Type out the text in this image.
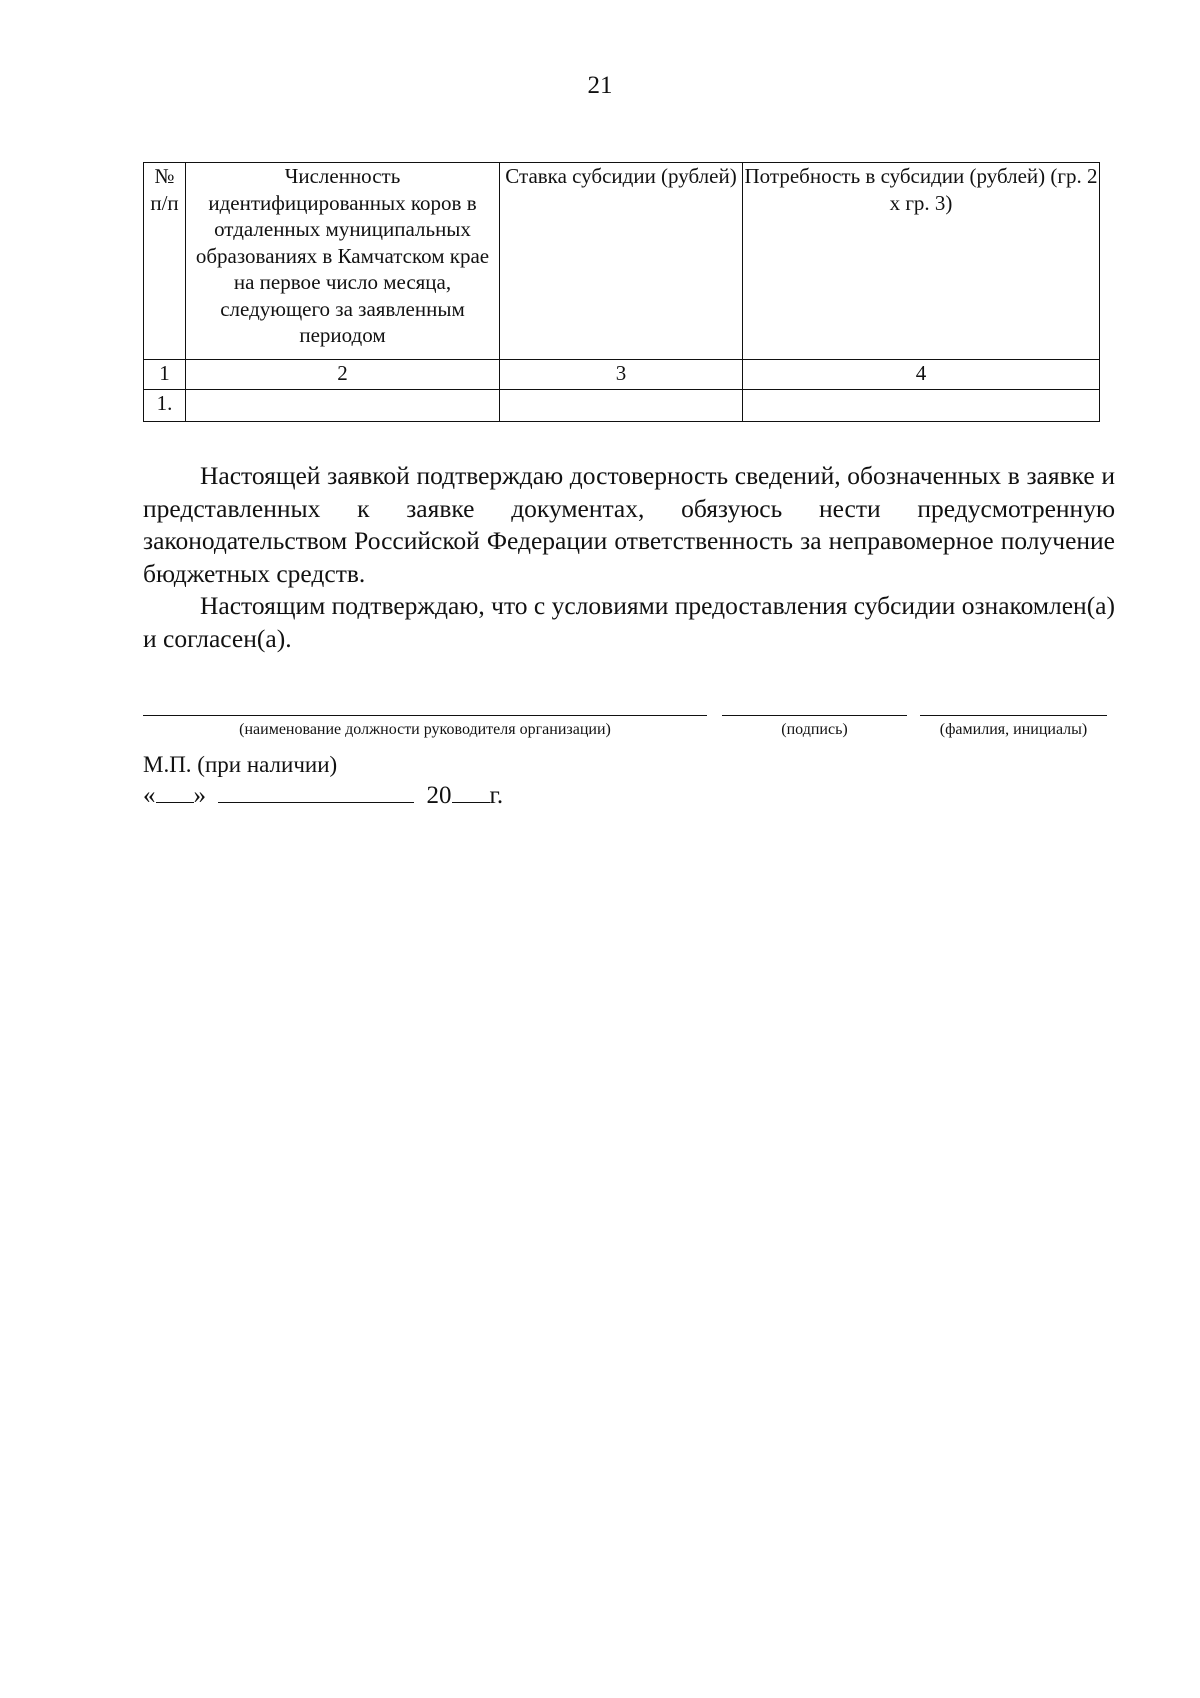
21
№ п/п	Численность идентифицированных коров в отдаленных муниципальных образованиях в Камчатском крае на первое число месяца, следующего за заявленным периодом	Ставка субсидии (рублей)	Потребность в субсидии (рублей) (гр. 2 х гр. 3)
1	2	3	4
1.			

Настоящей заявкой подтверждаю достоверность сведений, обозначенных в заявке и представленных к заявке документах, обязуюсь нести предусмотренную законодательством Российской Федерации ответственность за неправомерное получение бюджетных средств.

Настоящим подтверждаю, что с условиями предоставления субсидии ознакомлен(а) и согласен(а).

(наименование должности руководителя организации)	(подпись)	(фамилия, инициалы)
М.П. (при наличии)
« »	20 г.
